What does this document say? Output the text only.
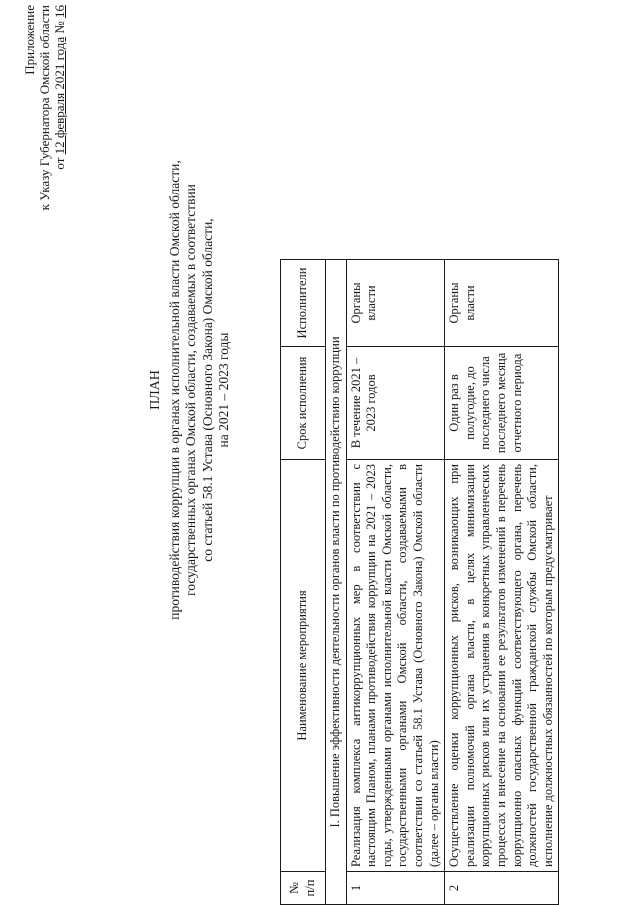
Приложение к Указу Губернатора Омской области от 12 февраля 2021 года № 16
ПЛАН противодействия коррупции в органах исполнительной власти Омской области, государственных органах Омской области, создаваемых в соответствии со статьей 58.1 Устава (Основного Закона) Омской области, на 2021 – 2023 годы
№ п/п	Наименование мероприятия	Срок исполнения	Исполнители
I. Повышение эффективности деятельности органов власти по противодействию коррупции			
1	Реализация комплекса антикоррупционных мер в соответствии с настоящим Планом, планами противодействия коррупции на 2021 – 2023 годы, утвержденными органами исполнительной власти Омской области, государственными органами Омской области, создаваемыми в соответствии со статьей 58.1 Устава (Основного Закона) Омской области (далее – органы власти)	В течение 2021 – 2023 годов	Органы власти
2	Осуществление оценки коррупционных рисков, возникающих при реализации полномочий органа власти, в целях минимизации коррупционных рисков или их устранения в конкретных управленческих процессах и внесение на основании ее результатов изменений в перечень коррупционно опасных функций соответствующего органа, перечень должностей государственной гражданской службы Омской области, исполнение должностных обязанностей по которым предусматривает	Один раз в полугодие, до последнего числа последнего месяца отчетного периода	Органы власти
